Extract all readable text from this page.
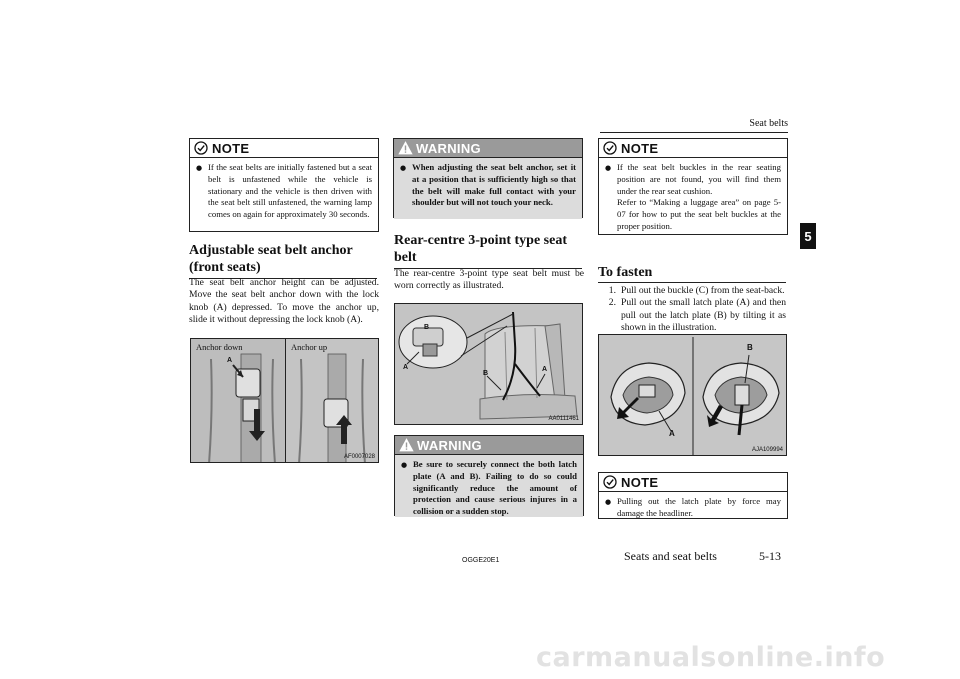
Seat belts
5
NOTE
● If the seat belts are initially fastened but a seat belt is unfastened while the vehicle is stationary and the vehicle is then driven with the seat belt still unfastened, the warning lamp comes on again for approximately 30 seconds.
Adjustable seat belt anchor (front seats)
The seat belt anchor height can be adjusted. Move the seat belt anchor down with the lock knob (A) depressed. To move the anchor up, slide it without depressing the lock knob (A).
Anchor down	Anchor up
A
AF0007028
WARNING
● When adjusting the seat belt anchor, set it at a position that is sufficiently high so that the belt will make full contact with your shoulder but will not touch your neck.
Rear-centre 3-point type seat belt
The rear-centre 3-point type seat belt must be worn correctly as illustrated.
B
A
B
A
AA0111461
WARNING
● Be sure to securely connect the both latch plate (A and B). Failing to do so could significantly reduce the amount of protection and cause serious injures in a collision or a sudden stop.
NOTE
● If the seat belt buckles in the rear seating position are not found, you will find them under the rear seat cushion.
Refer to “Making a luggage area” on page 5-07 for how to put the seat belt buckles at the proper position.
To fasten
1. Pull out the buckle (C) from the seat-back.
2. Pull out the small latch plate (A) and then pull out the latch plate (B) by tilting it as shown in the illustration.
A
B
AJA109994
NOTE
● Pulling out the latch plate by force may damage the headliner.
OGGE20E1	Seats and seat belts	5-13
carmanualsonline.info
